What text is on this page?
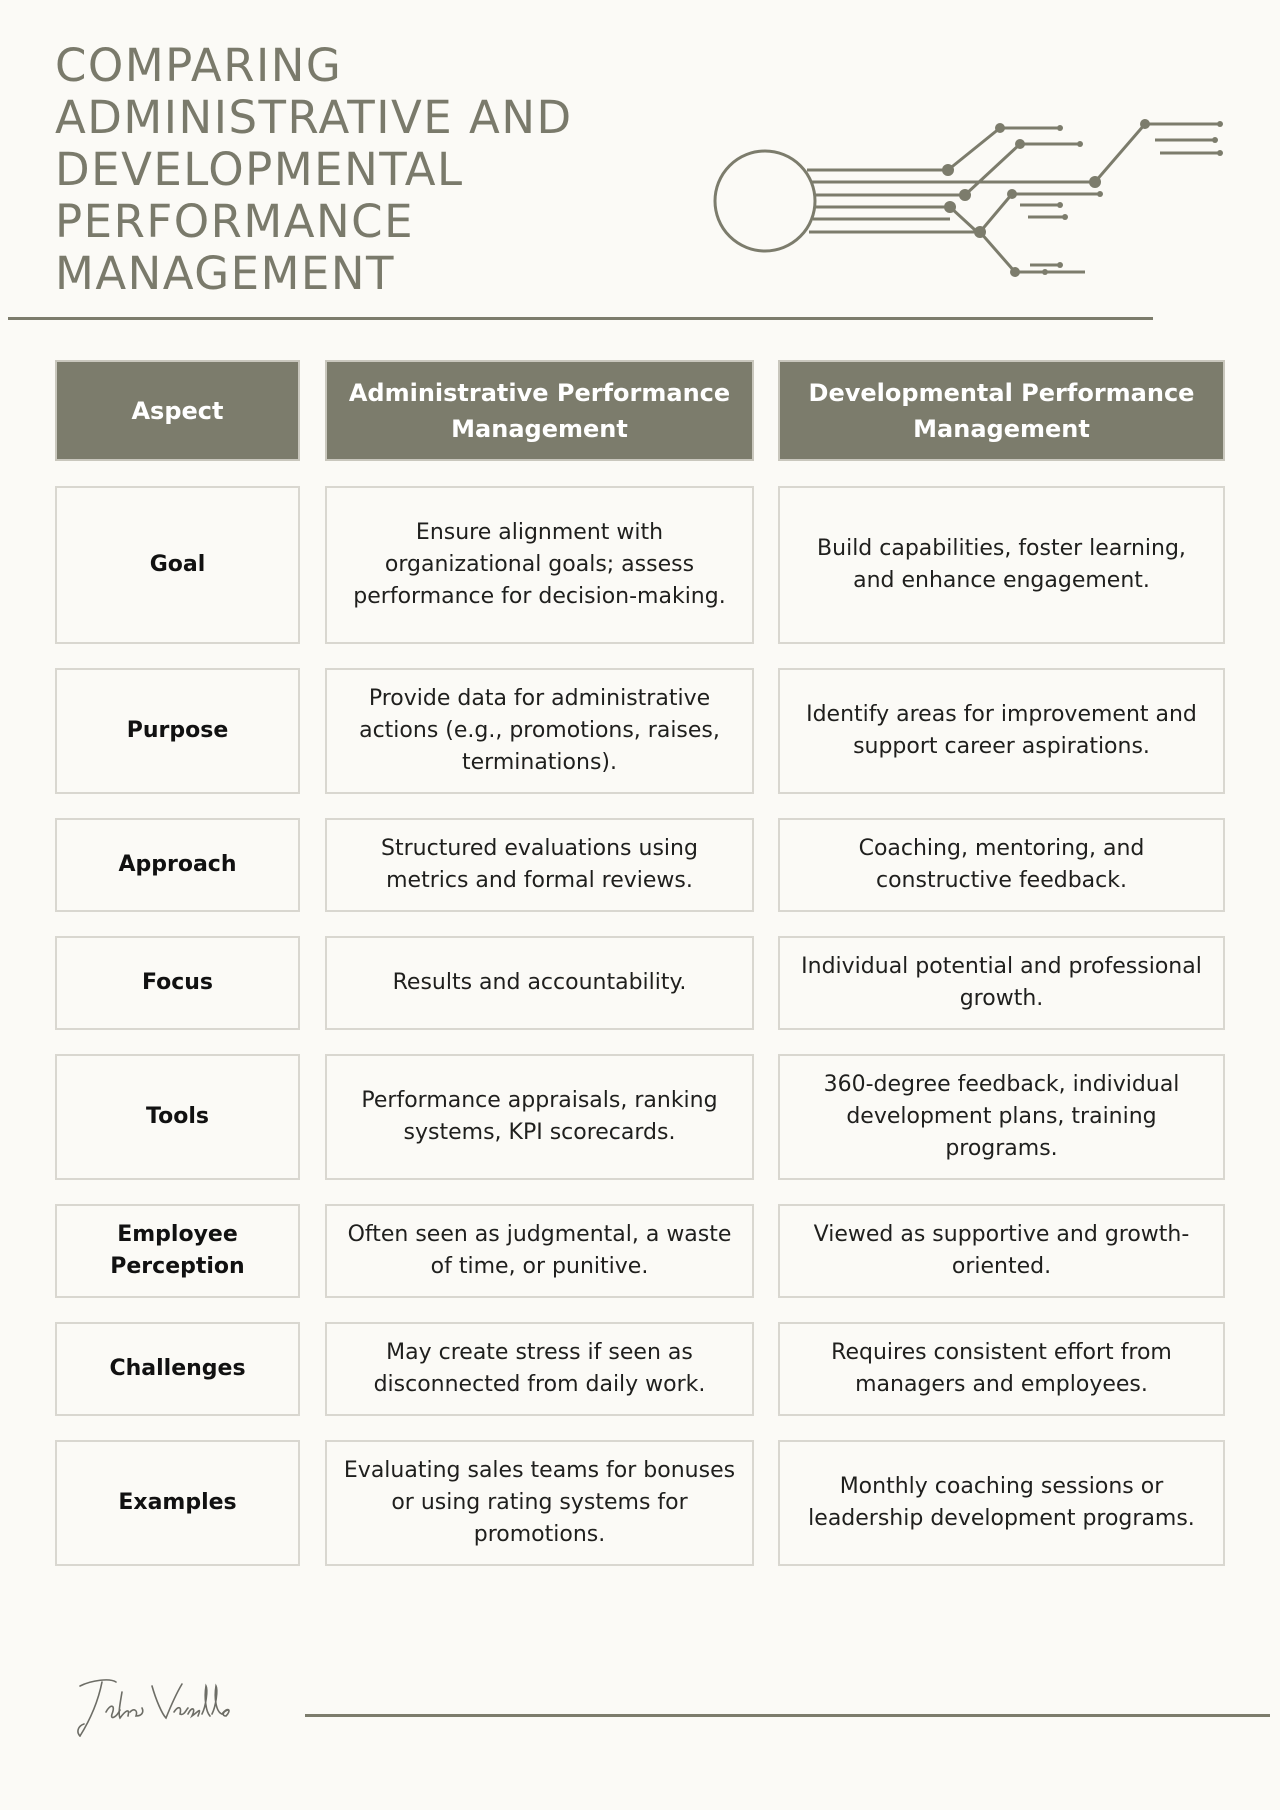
COMPARING
ADMINISTRATIVE AND
DEVELOPMENTAL
PERFORMANCE
MANAGEMENT
Aspect
Administrative Performance Management
Developmental Performance Management
Goal
Ensure alignment with organizational goals; assess performance for decision-making.
Build capabilities, foster learning, and enhance engagement.
Purpose
Provide data for administrative actions (e.g., promotions, raises, terminations).
Identify areas for improvement and support career aspirations.
Approach
Structured evaluations using metrics and formal reviews.
Coaching, mentoring, and constructive feedback.
Focus	Results and accountability.
Individual potential and professional growth.
Tools
Performance appraisals, ranking systems, KPI scorecards.
360-degree feedback, individual development plans, training programs.
Employee Perception
Often seen as judgmental, a waste of time, or punitive.
Viewed as supportive and growth-oriented.
Challenges
May create stress if seen as disconnected from daily work.
Requires consistent effort from managers and employees.
Examples
Evaluating sales teams for bonuses or using rating systems for promotions.
Monthly coaching sessions or leadership development programs.
